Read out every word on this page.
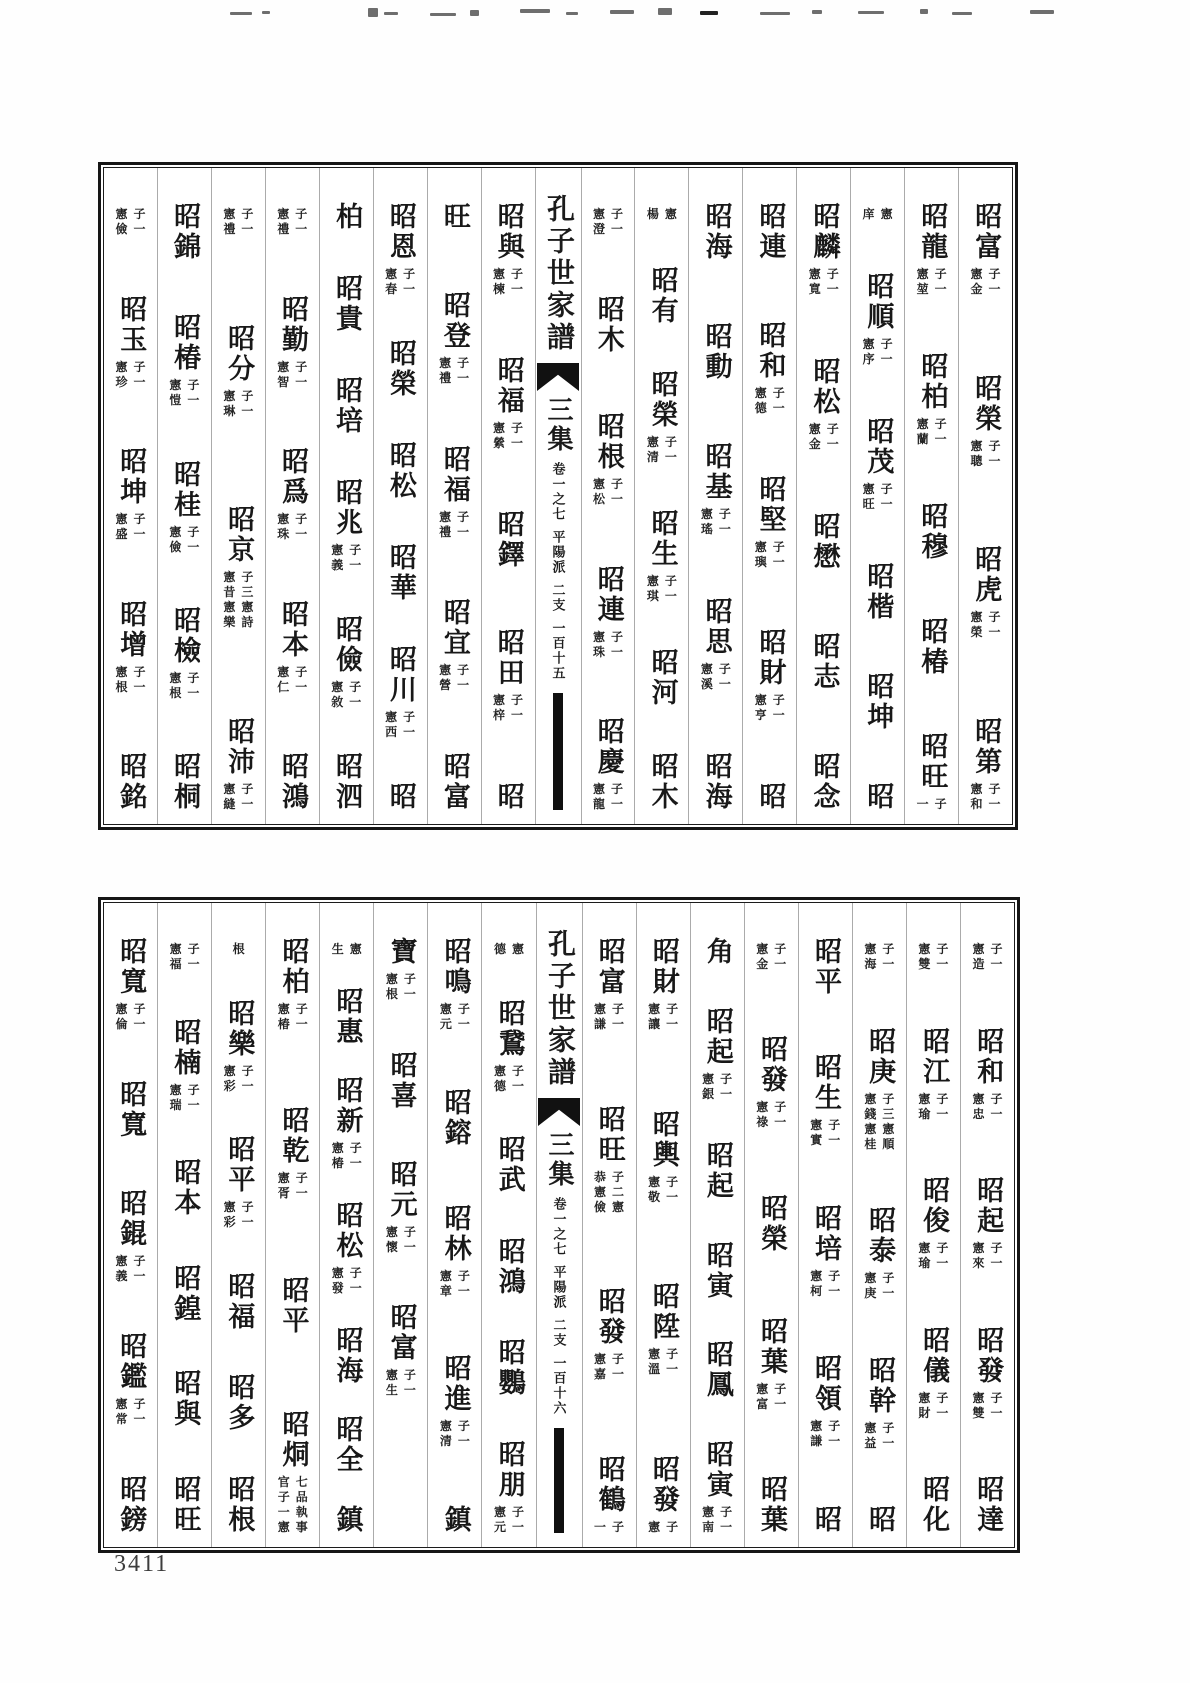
憲 子
儉 一
昭玉
憲 子
珍 一
昭坤
憲 子
盛 一
昭增
憲 子
根 一
昭銘
昭錦
昭椿
憲 子
愷 一
昭桂
憲 子
儉 一
昭檢
憲 子
根 一
昭桐
憲 子
禮 一
昭分
憲 子
琳 一
昭京
憲 子
昔 三
憲 憲
樂 詩
昭沛
憲 子
縫 一
憲 子
禮 一
昭勤
憲 子
智 一
昭爲
憲 子
珠 一
昭本
憲 子
仁 一
昭鴻
柏
昭貴
昭培
昭兆
憲 子
義 一
昭儉
憲 子
敘 一
昭泗
昭恩
憲 子
春 一
昭榮
昭松
昭華
昭川
憲 子
西 一
昭
旺
昭登
憲 子
禮 一
昭福
憲 子
禮 一
昭宜
憲 子
營 一
昭富
昭與
憲 子
楝 一
昭福
憲 子
縈 一
昭鐸
昭田
憲 子
梓 一
昭
孔子世家譜
三集
卷一之七
平陽派
二支
一百十五
憲 子
澄 一
昭木
昭根
憲 子
松 一
昭連
憲 子
珠 一
昭慶
憲 子
龍 一
楊 憲
昭有
昭榮
憲 子
清 一
昭生
憲 子
琪 一
昭河
昭木
昭海
昭動
昭基
憲 子
瑤 一
昭思
憲 子
溪 一
昭海
昭連
昭和
憲 子
德 一
昭堅
憲 子
璵 一
昭財
憲 子
亨 一
昭
昭麟
憲 子
寬 一
昭松
憲 子
金 一
昭懋
昭志
昭念
庠 憲
昭順
憲 子
序 一
昭茂
憲 子
旺 一
昭楷
昭坤
昭
昭龍
憲 子
堃 一
昭柏
憲 子
蘭 一
昭穆
昭椿
昭旺
一 子
昭富
憲 子
金 一
昭榮
憲 子
聰 一
昭虎
憲 子
榮 一
昭第
憲 子
和 一
昭寬
憲 子
倫 一
昭寬
昭錕
憲 子
義 一
昭鑑
憲 子
常 一
昭鎊
憲 子
福 一
昭楠
憲 子
瑞 一
昭本
昭鍠
昭與
昭旺
根
昭樂
憲 子
彩 一
昭平
憲 子
彩 一
昭福
昭多
昭根
昭柏
憲 子
椿 一
昭乾
憲 子
胥 一
昭平
昭烔
官 七
子 品
一 執
憲 事
生 憲
昭惠
昭新
憲 子
椿 一
昭松
憲 子
發 一
昭海
昭全
鎮
寶
憲 子
根 一
昭喜
昭元
憲 子
懷 一
昭富
憲 子
生 一
昭鳴
憲 子
元 一
昭鎔
昭林
憲 子
章 一
昭進
憲 子
清 一
鎮
德 憲
昭鵞
憲 子
德 一
昭武
昭鴻
昭鸚
昭朋
憲 子
元 一
孔子世家譜
三集
卷一之七
平陽派
二支
一百十六
昭富
憲 子
謙 一
昭旺
恭 子
憲 二
儉 憲
昭發
憲 子
嘉 一
昭鶴
一 子
昭財
憲 子
讓 一
昭輿
憲 子
敬 一
昭陞
憲 子
溫 一
昭發
憲 子
角
昭起
憲 子
銀 一
昭起
昭寅
昭鳳
昭寅
憲 子
南 一
憲 子
金 一
昭發
憲 子
祿 一
昭榮
昭葉
憲 子
富 一
昭葉
昭平
昭生
憲 子
實 一
昭培
憲 子
柯 一
昭領
憲 子
謙 一
昭
憲 子
海 一
昭庚
憲 子
錢 三
憲 憲
桂 順
昭泰
憲 子
庚 一
昭幹
憲 子
益 一
昭
憲 子
雙 一
昭江
憲 子
瑜 一
昭俊
憲 子
瑜 一
昭儀
憲 子
財 一
昭化
憲 子
造 一
昭和
憲 子
忠 一
昭起
憲 子
來 一
昭發
憲 子
雙 一
昭達
3411
